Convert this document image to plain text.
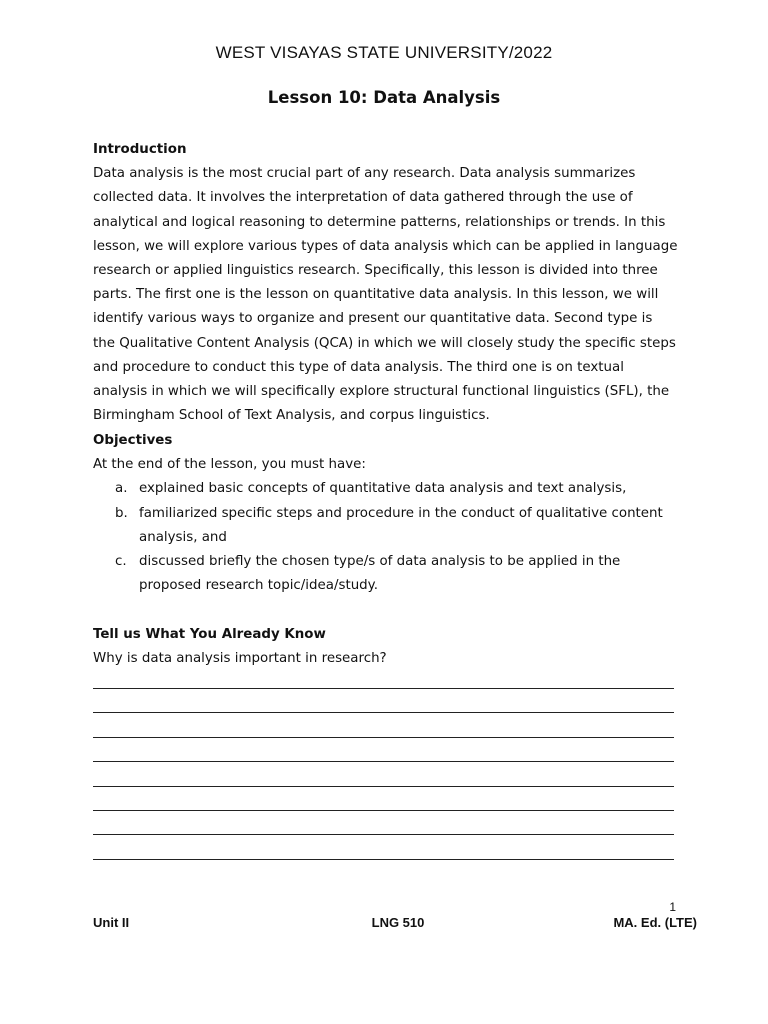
WEST VISAYAS STATE UNIVERSITY/2022
Lesson 10: Data Analysis
Introduction

Data analysis is the most crucial part of any research. Data analysis summarizes collected data. It involves the interpretation of data gathered through the use of analytical and logical reasoning to determine patterns, relationships or trends. In this lesson, we will explore various types of data analysis which can be applied in language research or applied linguistics research. Specifically, this lesson is divided into three parts. The first one is the lesson on quantitative data analysis. In this lesson, we will identify various ways to organize and present our quantitative data. Second type is the Qualitative Content Analysis (QCA) in which we will closely study the specific steps and procedure to conduct this type of data analysis. The third one is on textual analysis in which we will specifically explore structural functional linguistics (SFL), the Birmingham School of Text Analysis, and corpus linguistics.

Objectives
At the end of the lesson, you must have:
a. explained basic concepts of quantitative data analysis and text analysis,
b. familiarized specific steps and procedure in the conduct of qualitative content analysis, and
c. discussed briefly the chosen type/s of data analysis to be applied in the proposed research topic/idea/study.
Tell us What You Already Know
Why is data analysis important in research?
1
Unit II	LNG 510	MA. Ed. (LTE)
